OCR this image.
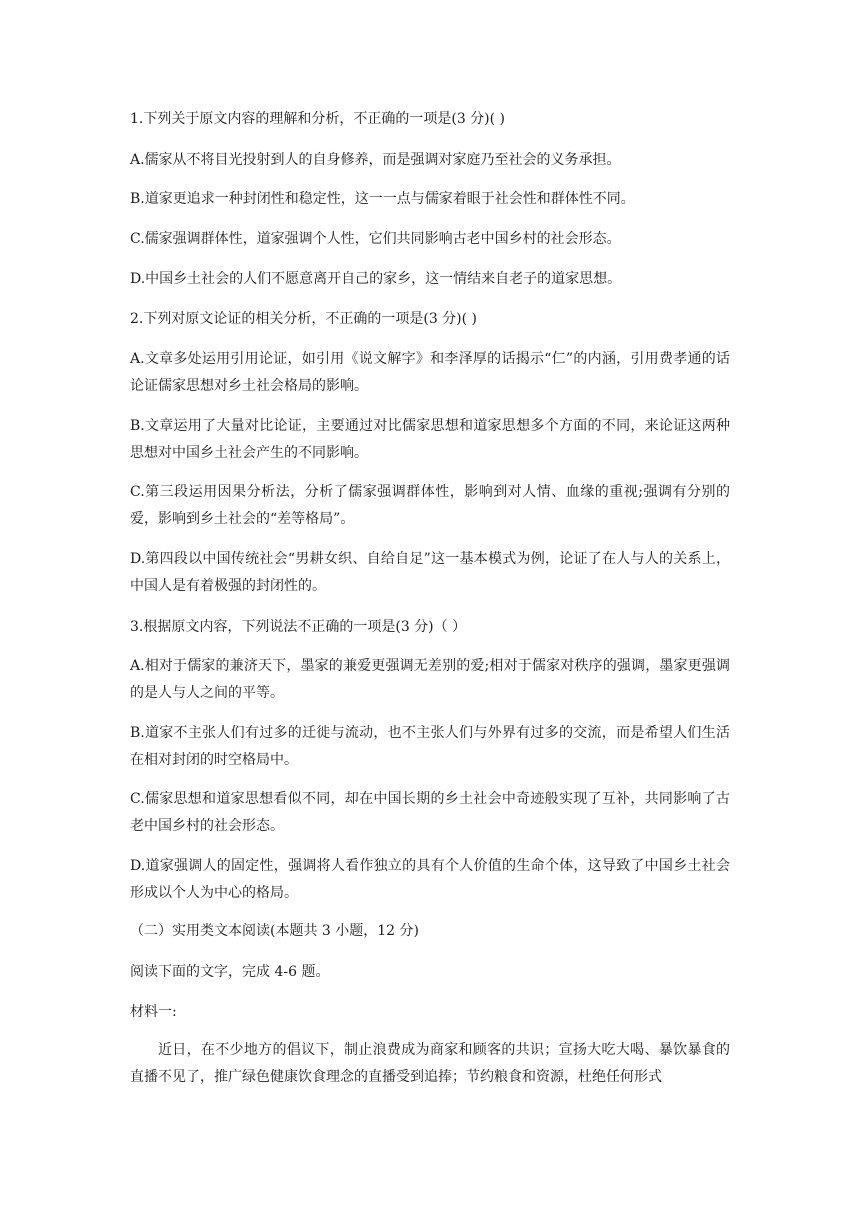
1.下列关于原文内容的理解和分析，不正确的一项是(3 分)( )
A.儒家从不将目光投射到人的自身修养，而是强调对家庭乃至社会的义务承担。
B.道家更追求一种封闭性和稳定性，这一一点与儒家着眼于社会性和群体性不同。
C.儒家强调群体性，道家强调个人性，它们共同影响古老中国乡村的社会形态。
D.中国乡土社会的人们不愿意离开自己的家乡，这一情结来自老子的道家思想。
2.下列对原文论证的相关分析，不正确的一项是(3 分)( )
A.文章多处运用引用论证，如引用《说文解字》和李泽厚的话揭示“仁”的内涵，引用费孝通的话论证儒家思想对乡土社会格局的影响。
B.文章运用了大量对比论证，主要通过对比儒家思想和道家思想多个方面的不同，来论证这两种思想对中国乡土社会产生的不同影响。
C.第三段运用因果分析法，分析了儒家强调群体性，影响到对人情、血缘的重视;强调有分别的爱，影响到乡土社会的“差等格局”。
D.第四段以中国传统社会“男耕女织、自给自足”这一基本模式为例，论证了在人与人的关系上，中国人是有着极强的封闭性的。
3.根据原文内容，下列说法不正确的一项是(3 分)（ ）
A.相对于儒家的兼济天下，墨家的兼爱更强调无差别的爱;相对于儒家对秩序的强调，墨家更强调的是人与人之间的平等。
B.道家不主张人们有过多的迁徙与流动，也不主张人们与外界有过多的交流，而是希望人们生活在相对封闭的时空格局中。
C.儒家思想和道家思想看似不同，却在中国长期的乡土社会中奇迹般实现了互补，共同影响了古老中国乡村的社会形态。
D.道家强调人的固定性，强调将人看作独立的具有个人价值的生命个体，这导致了中国乡土社会形成以个人为中心的格局。
（二）实用类文本阅读(本题共 3 小题，12 分)
阅读下面的文字，完成 4-6 题。
材料一:
近日，在不少地方的倡议下，制止浪费成为商家和顾客的共识；宣扬大吃大喝、暴饮暴食的直播不见了，推广绿色健康饮食理念的直播受到追捧；节约粮食和资源，杜绝任何形式
